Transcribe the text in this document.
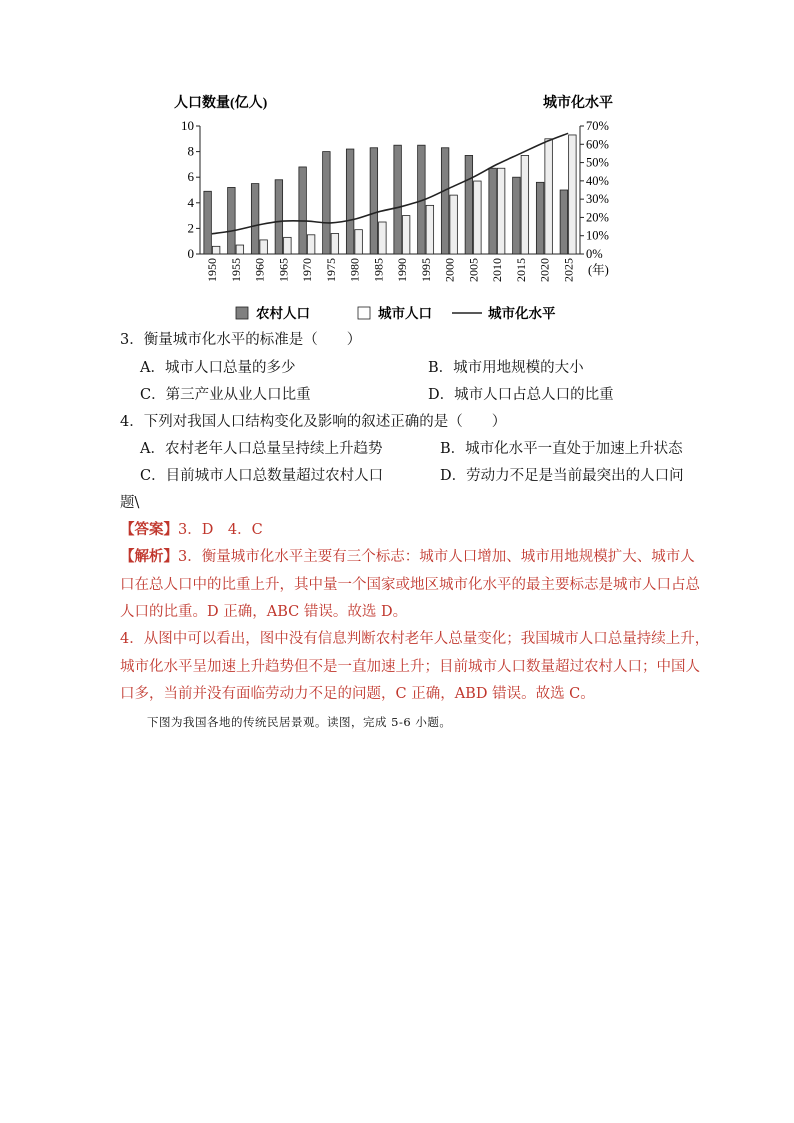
人口数量(亿人)	城市化水平
0
2
4
6
8
10
0%
10%
20%
30%
40%
50%
60%
70%
1950 1955 1960 1965 1970 1975 1980 1985 1990 1995 2000 2005 2010 2015 2020 2025 (年)
农村人口	城市人口	城市化水平
3．衡量城市化水平的标准是（　　）
A．城市人口总量的多少	B．城市用地规模的大小
C．第三产业从业人口比重	D．城市人口占总人口的比重
4．下列对我国人口结构变化及影响的叙述正确的是（　　）
A．农村老年人口总量呈持续上升趋势	B．城市化水平一直处于加速上升状态
C．目前城市人口总数量超过农村人口	D．劳动力不足是当前最突出的人口问
题\
【答案】3．D　4．C
【解析】3．衡量城市化水平主要有三个标志：城市人口增加、城市用地规模扩大、城市人
口在总人口中的比重上升，其中量一个国家或地区城市化水平的最主要标志是城市人口占总
人口的比重。D 正确，ABC 错误。故选 D。
4．从图中可以看出，图中没有信息判断农村老年人总量变化；我国城市人口总量持续上升，
城市化水平呈加速上升趋势但不是一直加速上升；目前城市人口数量超过农村人口；中国人
口多，当前并没有面临劳动力不足的问题，C 正确，ABD 错误。故选 C。
下图为我国各地的传统民居景观。读图，完成 5-6 小题。
